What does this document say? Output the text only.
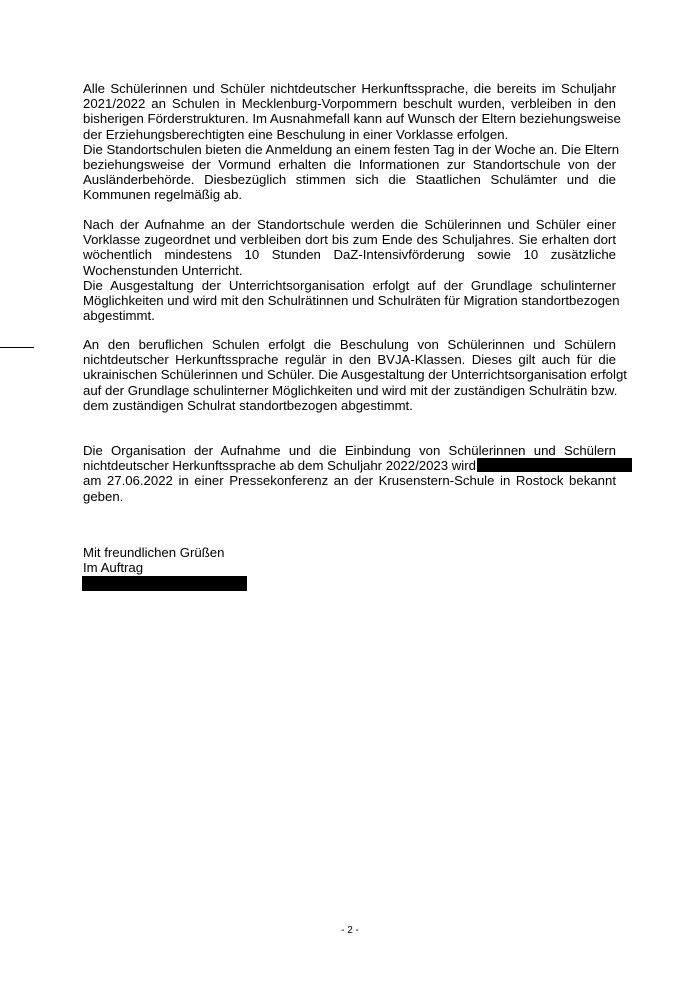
Alle Schülerinnen und Schüler nichtdeutscher Herkunftssprache, die bereits im Schuljahr
2021/2022 an Schulen in Mecklenburg-Vorpommern beschult wurden, verbleiben in den
bisherigen Förderstrukturen. Im Ausnahmefall kann auf Wunsch der Eltern beziehungsweise
der Erziehungsberechtigten eine Beschulung in einer Vorklasse erfolgen.
Die Standortschulen bieten die Anmeldung an einem festen Tag in der Woche an. Die Eltern
beziehungsweise der Vormund erhalten die Informationen zur Standortschule von der
Ausländerbehörde. Diesbezüglich stimmen sich die Staatlichen Schulämter und die
Kommunen regelmäßig ab.
Nach der Aufnahme an der Standortschule werden die Schülerinnen und Schüler einer
Vorklasse zugeordnet und verbleiben dort bis zum Ende des Schuljahres. Sie erhalten dort
wöchentlich mindestens 10 Stunden DaZ-Intensivförderung sowie 10 zusätzliche
Wochenstunden Unterricht.
Die Ausgestaltung der Unterrichtsorganisation erfolgt auf der Grundlage schulinterner
Möglichkeiten und wird mit den Schulrätinnen und Schulräten für Migration standortbezogen
abgestimmt.
An den beruflichen Schulen erfolgt die Beschulung von Schülerinnen und Schülern
nichtdeutscher Herkunftssprache regulär in den BVJA-Klassen. Dieses gilt auch für die
ukrainischen Schülerinnen und Schüler. Die Ausgestaltung der Unterrichtsorganisation erfolgt
auf der Grundlage schulinterner Möglichkeiten und wird mit der zuständigen Schulrätin bzw.
dem zuständigen Schulrat standortbezogen abgestimmt.
Die Organisation der Aufnahme und die Einbindung von Schülerinnen und Schülern
nichtdeutscher Herkunftssprache ab dem Schuljahr 2022/2023 wird
am 27.06.2022 in einer Pressekonferenz an der Krusenstern-Schule in Rostock bekannt
geben.
Mit freundlichen Grüßen
Im Auftrag
- 2 -
